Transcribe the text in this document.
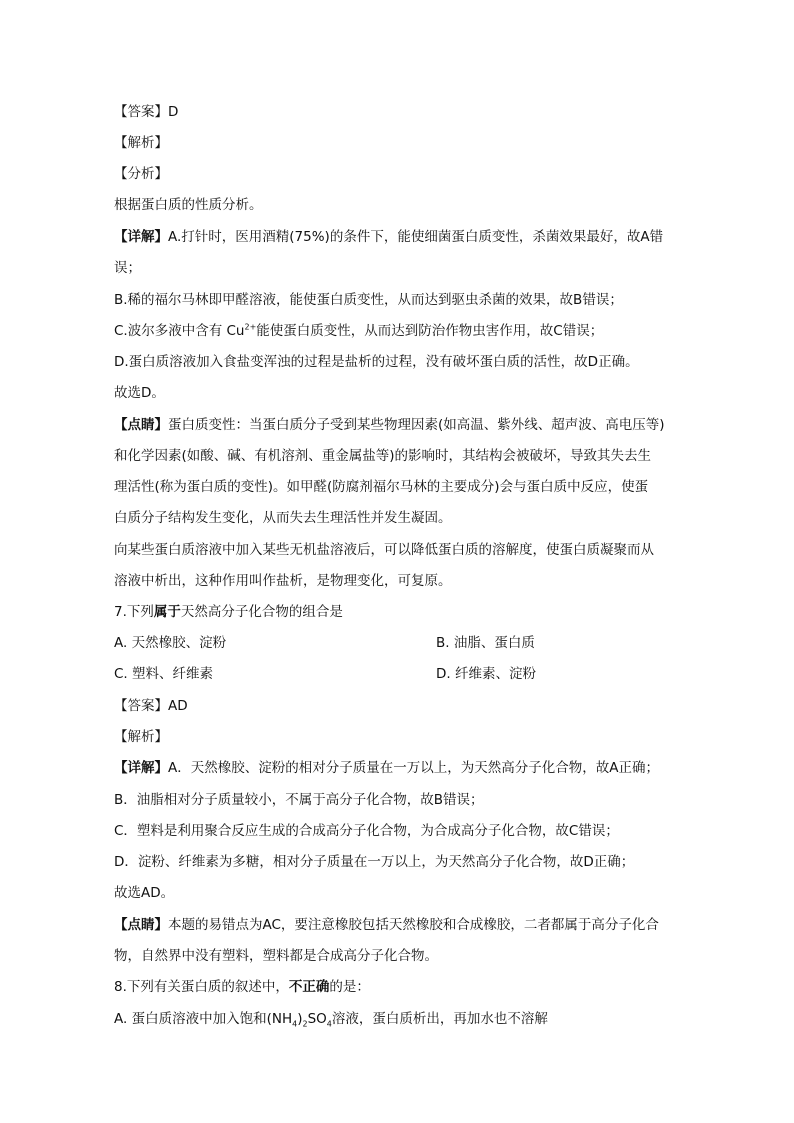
【答案】D
【解析】
【分析】
根据蛋白质的性质分析。
【详解】A.打针时，医用酒精(75%)的条件下，能使细菌蛋白质变性，杀菌效果最好，故A错
误；
B.稀的福尔马林即甲醛溶液，能使蛋白质变性，从而达到驱虫杀菌的效果，故B错误；
C.波尔多液中含有 $Cu^{2+}$能使蛋白质变性，从而达到防治作物虫害作用，故C错误；
D.蛋白质溶液加入食盐变浑浊的过程是盐析的过程，没有破坏蛋白质的活性，故D正确。
故选D。
【点睛】蛋白质变性：当蛋白质分子受到某些物理因素(如高温、紫外线、超声波、高电压等)
和化学因素(如酸、碱、有机溶剂、重金属盐等)的影响时，其结构会被破坏，导致其失去生
理活性(称为蛋白质的变性)。如甲醛(防腐剂福尔马林的主要成分)会与蛋白质中反应，使蛋
白质分子结构发生变化，从而失去生理活性并发生凝固。
向某些蛋白质溶液中加入某些无机盐溶液后，可以降低蛋白质的溶解度，使蛋白质凝聚而从
溶液中析出，这种作用叫作盐析，是物理变化，可复原。
7.下列属于天然高分子化合物的组合是
A. 天然橡胶、淀粉	B. 油脂、蛋白质
C. 塑料、纤维素	D. 纤维素、淀粉
【答案】AD
【解析】
【详解】A．天然橡胶、淀粉的相对分子质量在一万以上，为天然高分子化合物，故A正确；
B．油脂相对分子质量较小，不属于高分子化合物，故B错误；
C．塑料是利用聚合反应生成的合成高分子化合物，为合成高分子化合物，故C错误；
D．淀粉、纤维素为多糖，相对分子质量在一万以上，为天然高分子化合物，故D正确；
故选AD。
【点睛】本题的易错点为AC，要注意橡胶包括天然橡胶和合成橡胶，二者都属于高分子化合
物，自然界中没有塑料，塑料都是合成高分子化合物。
8.下列有关蛋白质的叙述中，不正确的是：
A. 蛋白质溶液中加入饱和$(NH_4)_2SO_4$溶液，蛋白质析出，再加水也不溶解
